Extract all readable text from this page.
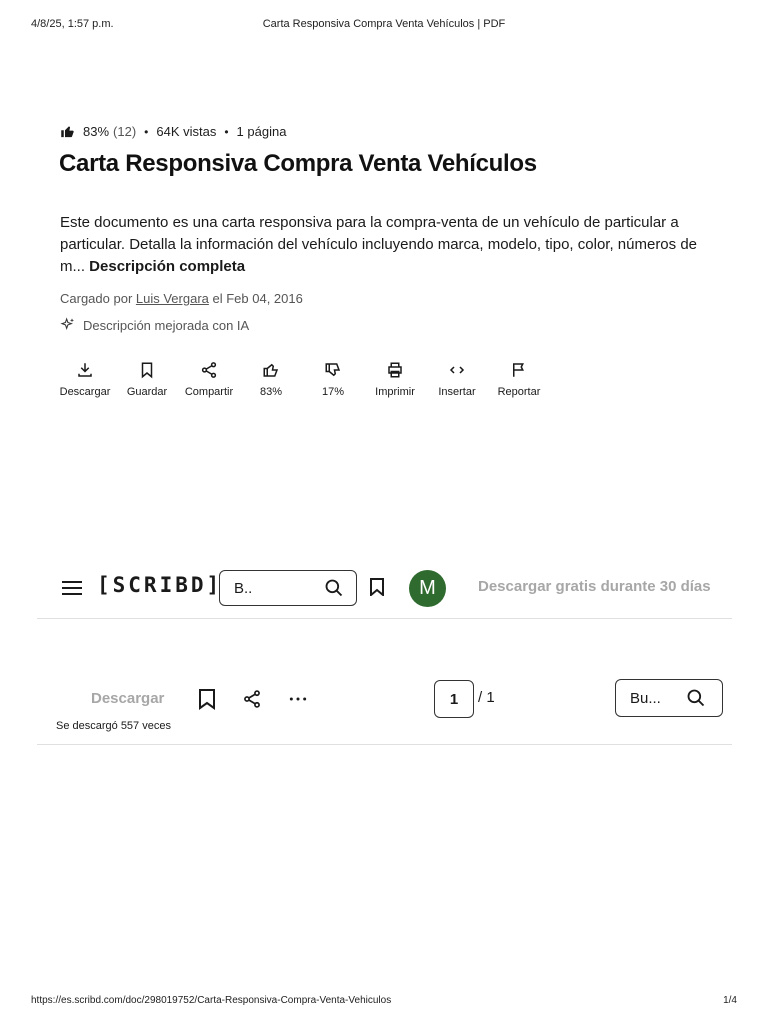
4/8/25, 1:57 p.m.	Carta Responsiva Compra Venta Vehículos | PDF
83% (12) • 64K vistas • 1 página
Carta Responsiva Compra Venta Vehículos

Este documento es una carta responsiva para la compra-venta de un vehículo de particular a particular. Detalla la información del vehículo incluyendo marca, modelo, tipo, color, números de m... Descripción completa

Cargado por Luis Vergara el Feb 04, 2016
Descripción mejorada con IA
Descargar Guardar Compartir 83%	17%	Imprimir Insertar Reportar
[SCRIBD] B..	M	Descargar gratis durante 30 días
Descargar
Se descargó 557 veces
1	/ 1	Bu...
https://es.scribd.com/doc/298019752/Carta-Responsiva-Compra-Venta-Vehiculos	1/4
